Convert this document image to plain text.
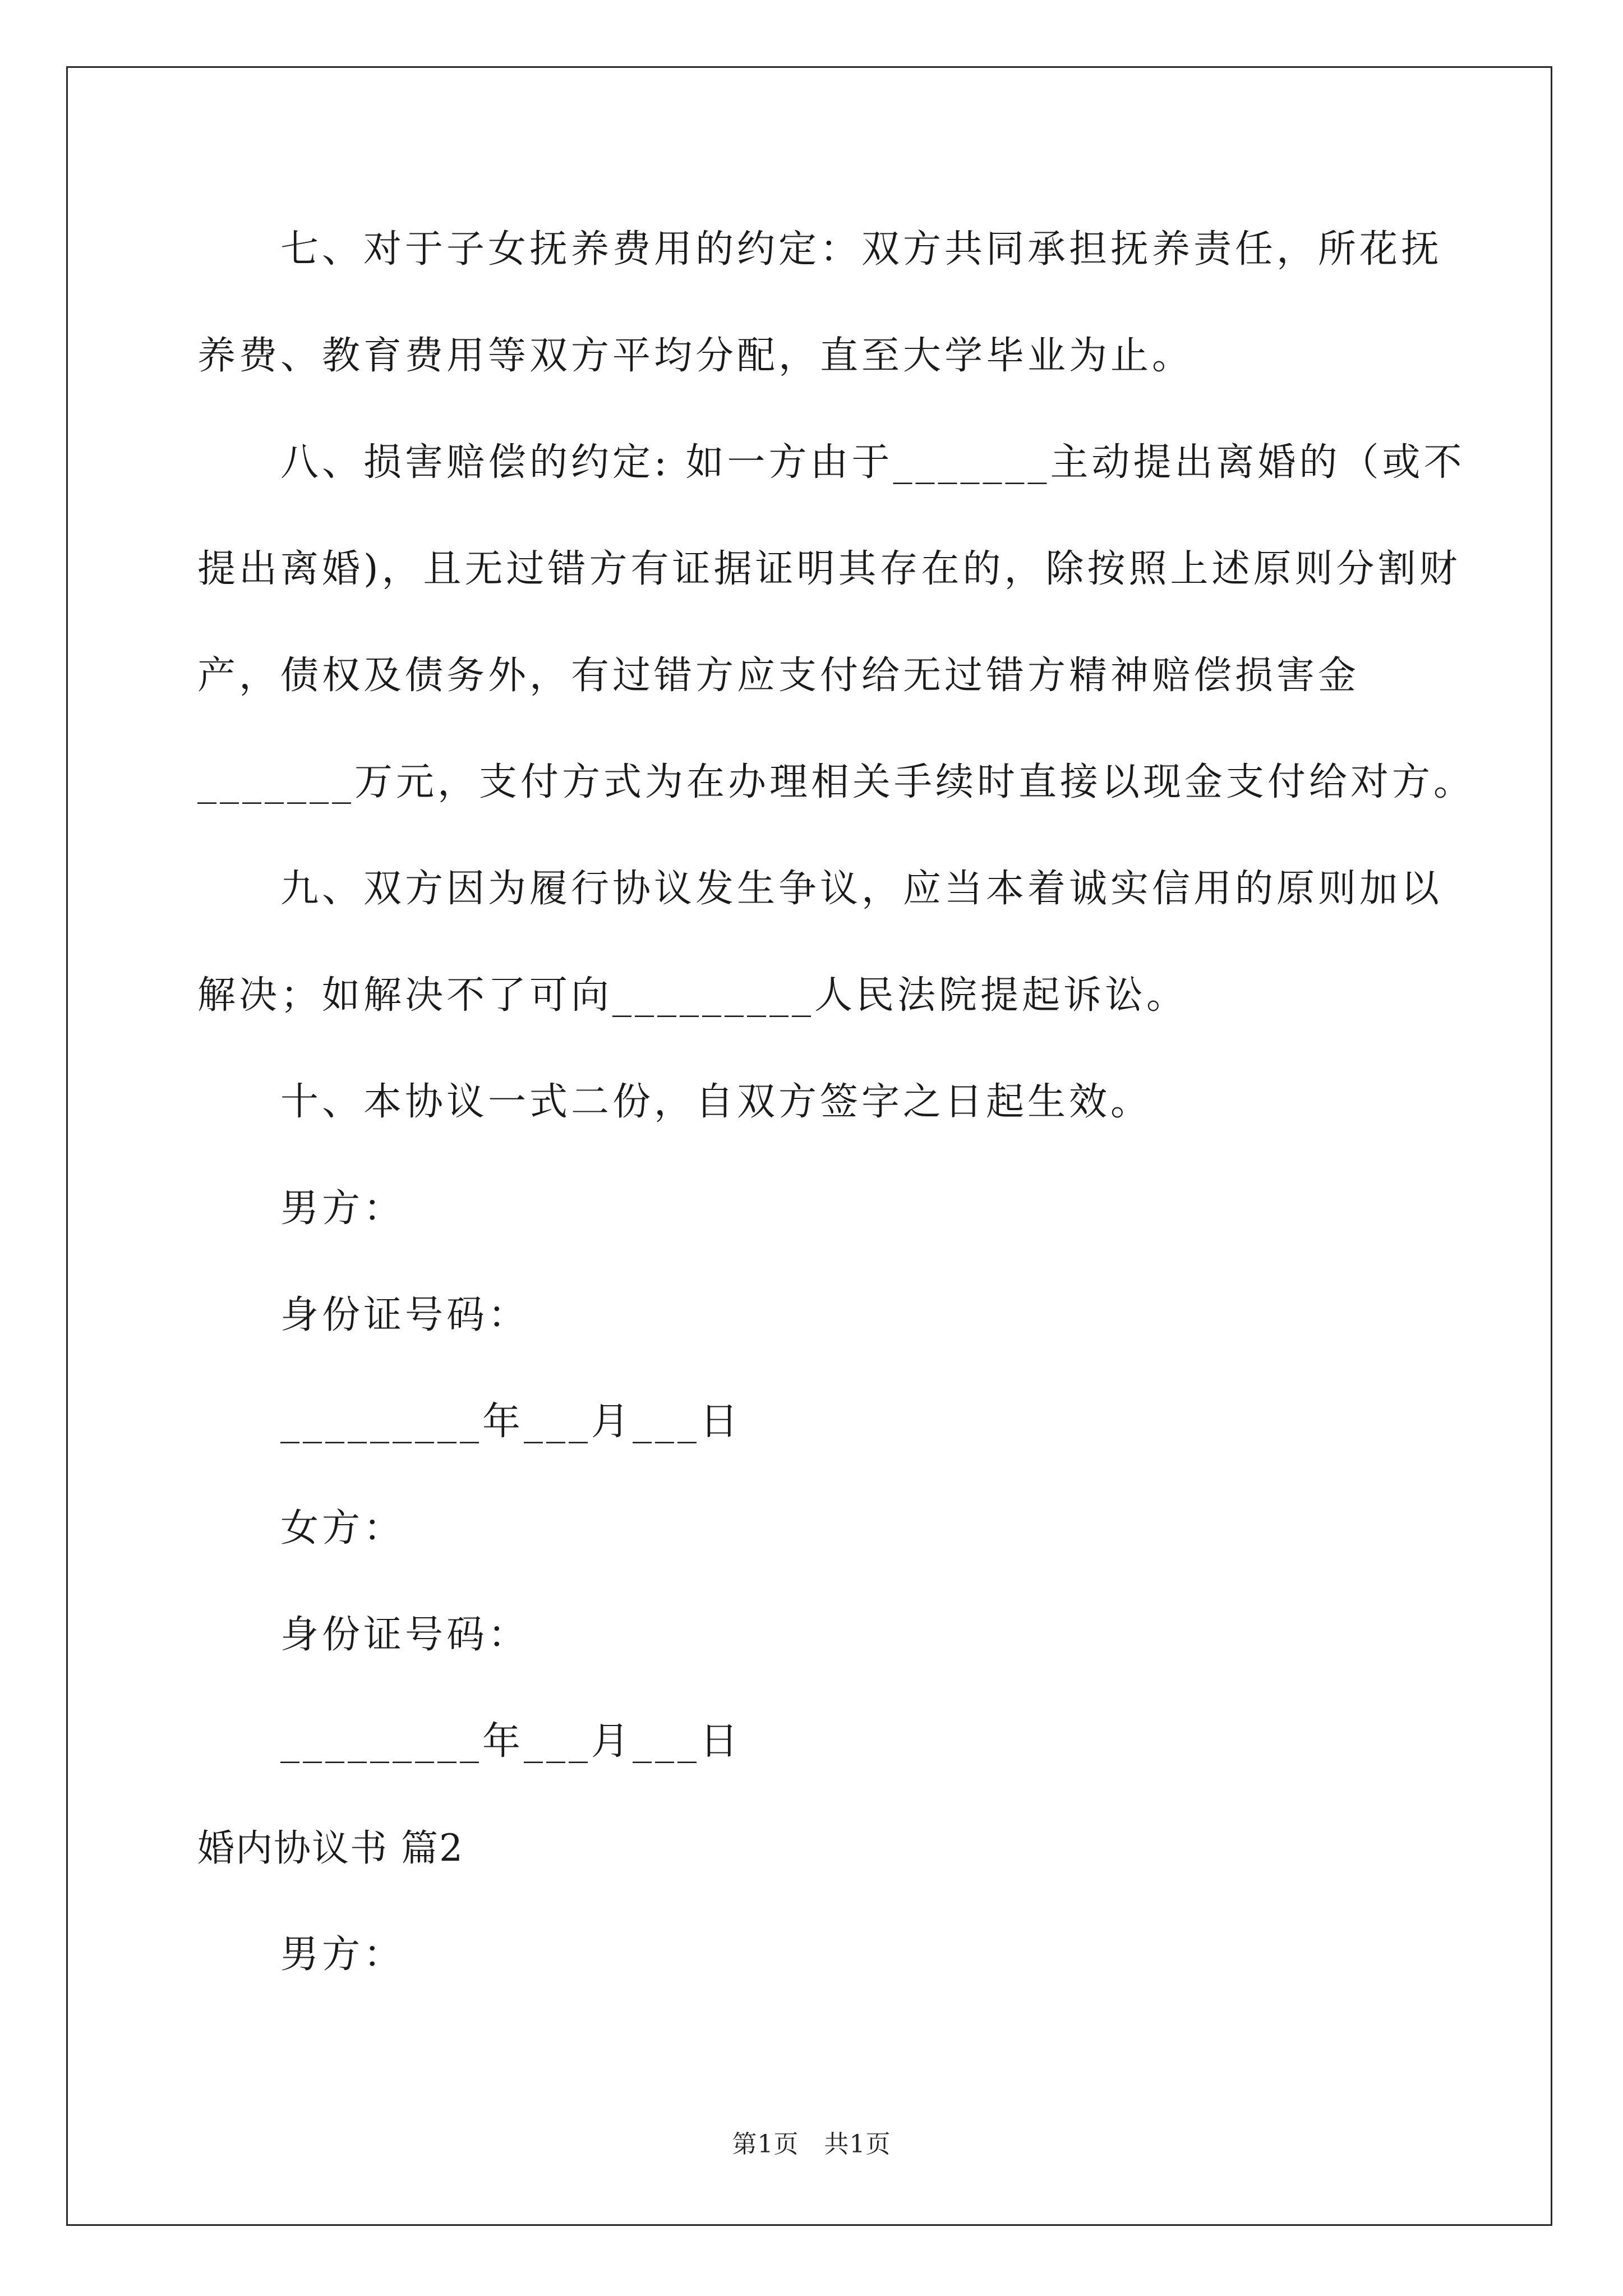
七、对于子女抚养费用的约定：双方共同承担抚养责任，所花抚
养费、教育费用等双方平均分配，直至大学毕业为止。
八、损害赔偿的约定: 如一方由于_______主动提出离婚的（或不
提出离婚)，且无过错方有证据证明其存在的，除按照上述原则分割财
产，债权及债务外，有过错方应支付给无过错方精神赔偿损害金
_______万元，支付方式为在办理相关手续时直接以现金支付给对方。
九、双方因为履行协议发生争议，应当本着诚实信用的原则加以
解决；如解决不了可向_________人民法院提起诉讼。
十、本协议一式二份，自双方签字之日起生效。
男方：
身份证号码：
_________年___月___日
女方：
身份证号码：
_________年___月___日
婚内协议书 篇2
男方：
第1页　共1页
